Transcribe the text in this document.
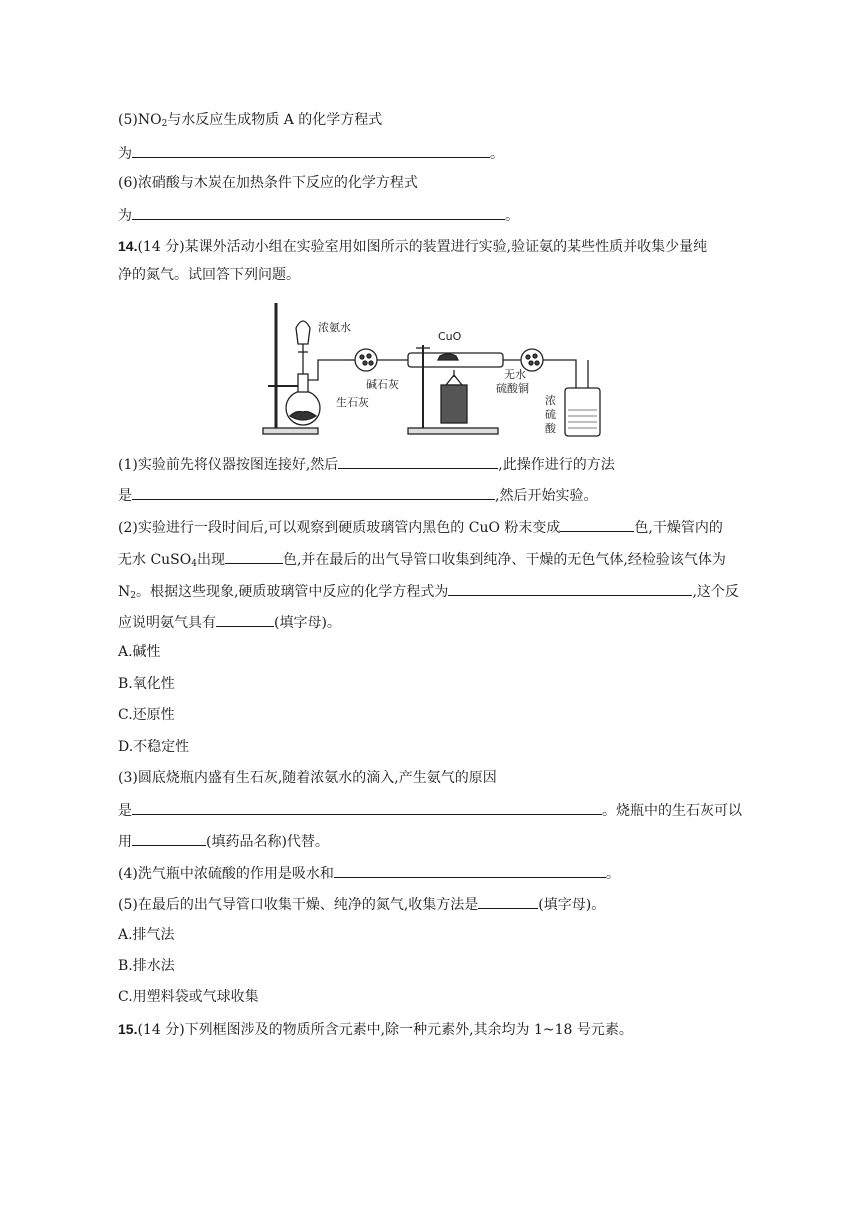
$(5)NO_2$与水反应生成物质 A 的化学方程式
为	。
(6)浓硝酸与木炭在加热条件下反应的化学方程式
为	。
14.(14 分)某课外活动小组在实验室用如图所示的装置进行实验,验证氨的某些性质并收集少量纯
净的氮气。试回答下列问题。
浓氨水
CuO
碱石灰
生石灰
无水
硫酸铜
浓
硫
酸
(1)实验前先将仪器按图连接好,然后	,此操作进行的方法
是	,然后开始实验。
(2)实验进行一段时间后,可以观察到硬质玻璃管内黑色的 CuO 粉末变成	色,干燥管内的
无水 CuSO$_4$出现	色,并在最后的出气导管口收集到纯净、干燥的无色气体,经检验该气体为
$N_2$。根据这些现象,硬质玻璃管中反应的化学方程式为	,这个反
应说明氨气具有	(填字母)。
A.碱性
B.氧化性
C.还原性
D.不稳定性
(3)圆底烧瓶内盛有生石灰,随着浓氨水的滴入,产生氨气的原因
是	。烧瓶中的生石灰可以
用	(填药品名称)代替。
(4)洗气瓶中浓硫酸的作用是吸水和	。
(5)在最后的出气导管口收集干燥、纯净的氮气,收集方法是	(填字母)。
A.排气法
B.排水法
C.用塑料袋或气球收集
15.(14 分)下列框图涉及的物质所含元素中,除一种元素外,其余均为 1~18 号元素。
